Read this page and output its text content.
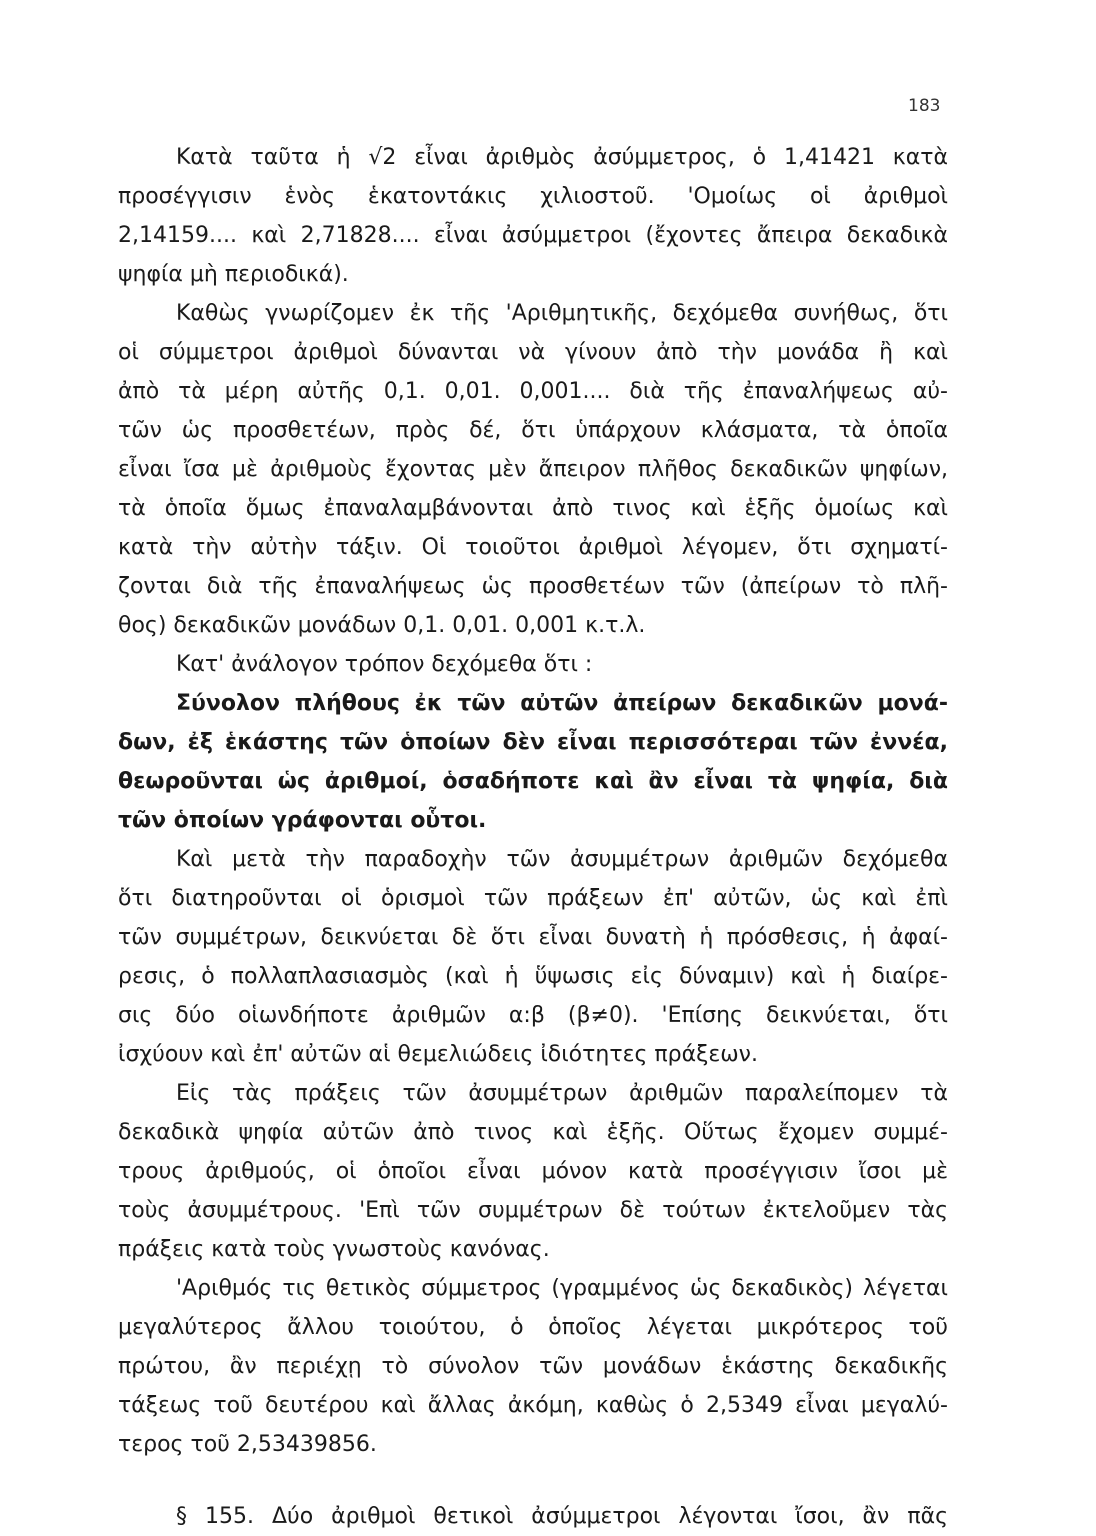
183
Κατὰ ταῦτα ἡ √2 εἶναι ἀριθμὸς ἀσύμμετρος, ὁ 1,41421 κατὰ
προσέγγισιν ἑνὸς ἑκατοντάκις χιλιοστοῦ. 'Ομοίως οἱ ἀριθμοὶ
2,14159.... καὶ 2,71828.... εἶναι ἀσύμμετροι (ἔχοντες ἄπειρα δεκαδικὰ
ψηφία μὴ περιοδικά).
Καθὼς γνωρίζομεν ἐκ τῆς 'Αριθμητικῆς, δεχόμεθα συνήθως, ὅτι
οἱ σύμμετροι ἀριθμοὶ δύνανται νὰ γίνουν ἀπὸ τὴν μονάδα ἢ καὶ
ἀπὸ τὰ μέρη αὐτῆς 0,1. 0,01. 0,001.... διὰ τῆς ἐπαναλήψεως αὐ-
τῶν ὡς προσθετέων, πρὸς δέ, ὅτι ὑπάρχουν κλάσματα, τὰ ὁποῖα
εἶναι ἴσα μὲ ἀριθμοὺς ἔχοντας μὲν ἄπειρον πλῆθος δεκαδικῶν ψηφίων,
τὰ ὁποῖα ὅμως ἐπαναλαμβάνονται ἀπὸ τινος καὶ ἑξῆς ὁμοίως καὶ
κατὰ τὴν αὐτὴν τάξιν. Οἱ τοιοῦτοι ἀριθμοὶ λέγομεν, ὅτι σχηματί-
ζονται διὰ τῆς ἐπαναλήψεως ὡς προσθετέων τῶν (ἀπείρων τὸ πλῆ-
θος) δεκαδικῶν μονάδων 0,1. 0,01. 0,001 κ.τ.λ.
Κατ' ἀνάλογον τρόπον δεχόμεθα ὅτι :
Σύνολον πλήθους ἐκ τῶν αὐτῶν ἀπείρων δεκαδικῶν μονά-
δων, ἐξ ἑκάστης τῶν ὁποίων δὲν εἶναι περισσότεραι τῶν ἐννέα,
θεωροῦνται ὡς ἀριθμοί, ὁσαδήποτε καὶ ἂν εἶναι τὰ ψηφία, διὰ
τῶν ὁποίων γράφονται οὗτοι.
Καὶ μετὰ τὴν παραδοχὴν τῶν ἀσυμμέτρων ἀριθμῶν δεχόμεθα
ὅτι διατηροῦνται οἱ ὁρισμοὶ τῶν πράξεων ἐπ' αὐτῶν, ὡς καὶ ἐπὶ
τῶν συμμέτρων, δεικνύεται δὲ ὅτι εἶναι δυνατὴ ἡ πρόσθεσις, ἡ ἀφαί-
ρεσις, ὁ πολλαπλασιασμὸς (καὶ ἡ ὕψωσις εἰς δύναμιν) καὶ ἡ διαίρε-
σις δύο οἱωνδήποτε ἀριθμῶν α:β (β≠0). 'Επίσης δεικνύεται, ὅτι
ἰσχύουν καὶ ἐπ' αὐτῶν αἱ θεμελιώδεις ἰδιότητες πράξεων.
Εἰς τὰς πράξεις τῶν ἀσυμμέτρων ἀριθμῶν παραλείπομεν τὰ
δεκαδικὰ ψηφία αὐτῶν ἀπὸ τινος καὶ ἑξῆς. Οὕτως ἔχομεν συμμέ-
τρους ἀριθμούς, οἱ ὁποῖοι εἶναι μόνον κατὰ προσέγγισιν ἴσοι μὲ
τοὺς ἀσυμμέτρους. 'Επὶ τῶν συμμέτρων δὲ τούτων ἐκτελοῦμεν τὰς
πράξεις κατὰ τοὺς γνωστοὺς κανόνας.
'Αριθμός τις θετικὸς σύμμετρος (γραμμένος ὡς δεκαδικὸς) λέγεται
μεγαλύτερος ἄλλου τοιούτου, ὁ ὁποῖος λέγεται μικρότερος τοῦ
πρώτου, ἂν περιέχῃ τὸ σύνολον τῶν μονάδων ἑκάστης δεκαδικῆς
τάξεως τοῦ δευτέρου καὶ ἄλλας ἀκόμη, καθὼς ὁ 2,5349 εἶναι μεγαλύ-
τερος τοῦ 2,53439856.
§ 155. Δύο ἀριθμοὶ θετικοὶ ἀσύμμετροι λέγονται ἴσοι, ἂν πᾶς
